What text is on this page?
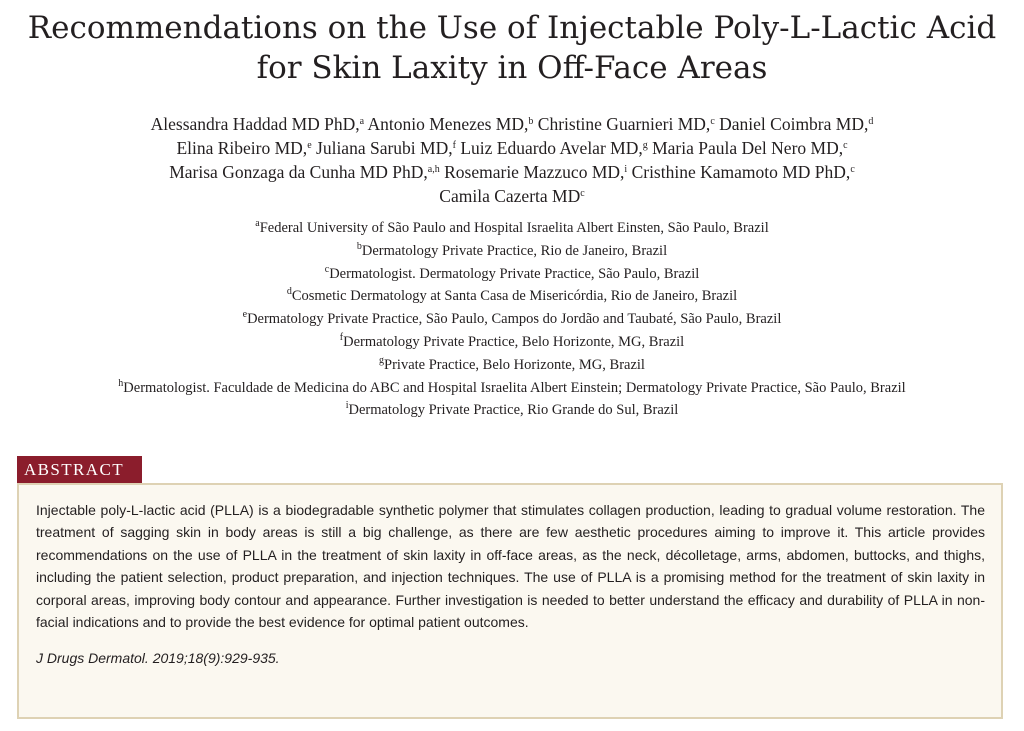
Recommendations on the Use of Injectable Poly-L-Lactic Acid
for Skin Laxity in Off-Face Areas
Alessandra Haddad MD PhD,$^a$ Antonio Menezes MD,$^b$ Christine Guarnieri MD,$^c$ Daniel Coimbra MD,$^d$
Elina Ribeiro MD,$^e$ Juliana Sarubi MD,$^f$ Luiz Eduardo Avelar MD,$^g$ Maria Paula Del Nero MD,$^c$
Marisa Gonzaga da Cunha MD PhD,$^{a,h}$ Rosemarie Mazzuco MD,$^i$ Cristhine Kamamoto MD PhD,$^c$
Camila Cazerta $MD^c$
$^a$Federal University of São Paulo and Hospital Israelita Albert Einsten, São Paulo, Brazil
$^b$Dermatology Private Practice, Rio de Janeiro, Brazil
$^c$Dermatologist. Dermatology Private Practice, São Paulo, Brazil
$^d$Cosmetic Dermatology at Santa Casa de Misericórdia, Rio de Janeiro, Brazil
$^e$Dermatology Private Practice, São Paulo, Campos do Jordão and Taubaté, São Paulo, Brazil
$^f$Dermatology Private Practice, Belo Horizonte, MG, Brazil
$^g$Private Practice, Belo Horizonte, MG, Brazil
$^h$Dermatologist. Faculdade de Medicina do ABC and Hospital Israelita Albert Einstein; Dermatology Private Practice, São Paulo, Brazil
$^i$Dermatology Private Practice, Rio Grande do Sul, Brazil
ABSTRACT

Injectable poly-L-lactic acid (PLLA) is a biodegradable synthetic polymer that stimulates collagen production, leading to gradual volume restoration. The treatment of sagging skin in body areas is still a big challenge, as there are few aesthetic procedures aiming to improve it. This article provides recommendations on the use of PLLA in the treatment of skin laxity in off-face areas, as the neck, décolletage, arms, abdomen, buttocks, and thighs, including the patient selection, product preparation, and injection techniques. The use of PLLA is a promising method for the treatment of skin laxity in corporal areas, improving body contour and appearance. Further investigation is needed to better understand the efficacy and durability of PLLA in non-facial indications and to provide the best evidence for optimal patient outcomes.

J Drugs Dermatol. 2019;18(9):929-935.
